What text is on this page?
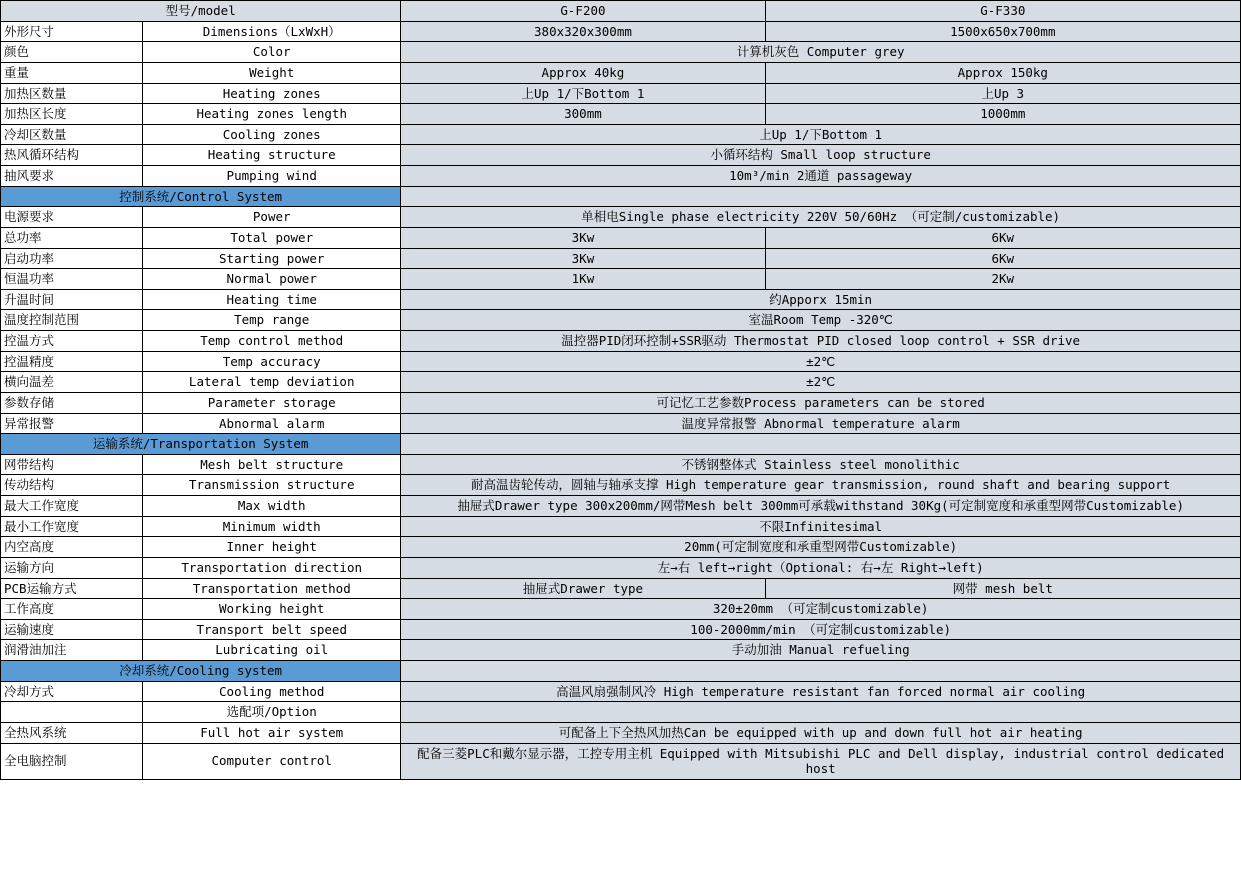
型号/model		G-F200	G-F330
外形尺寸	Dimensions（LxWxH）	380x320x300mm	1500x650x700mm
颜色	Color	计算机灰色 Computer grey	
重量	Weight	Approx 40kg	Approx 150kg
加热区数量	Heating zones	上Up 1/下Bottom 1	上Up 3
加热区长度	Heating zones length	300mm	1000mm
冷却区数量	Cooling zones	上Up 1/下Bottom 1	
热风循环结构	Heating structure	小循环结构 Small loop structure	
抽风要求	Pumping wind	10m³/min 2通道 passageway	
控制系统/Control System			
电源要求	Power	单相电Single phase electricity 220V 50/60Hz （可定制/customizable)	
总功率	Total power	3Kw	6Kw
启动功率	Starting power	3Kw	6Kw
恒温功率	Normal power	1Kw	2Kw
升温时间	Heating time	约Apporx 15min	
温度控制范围	Temp range	室温Room Temp -320℃	
控温方式	Temp control method	温控器PID闭环控制+SSR驱动 Thermostat PID closed loop control + SSR drive	
控温精度	Temp accuracy	±2℃	
横向温差	Lateral temp deviation	±2℃	
参数存储	Parameter storage	可记忆工艺参数Process parameters can be stored	
异常报警	Abnormal alarm	温度异常报警 Abnormal temperature alarm	
运输系统/Transportation System			
网带结构	Mesh belt structure	不锈钢整体式 Stainless steel monolithic	
传动结构	Transmission structure	耐高温齿轮传动，圆轴与轴承支撑 High temperature gear transmission, round shaft and bearing support	
最大工作宽度	Max width	抽屉式Drawer type 300x200mm/网带Mesh belt 300mm可承载withstand 30Kg(可定制宽度和承重型网带Customizable)	
最小工作宽度	Minimum width	不限Infinitesimal	
内空高度	Inner height	20mm(可定制宽度和承重型网带Customizable)	
运输方向	Transportation direction	左→右 left→right（Optional: 右→左 Right→left)	
PCB运输方式	Transportation method	抽屉式Drawer type	网带 mesh belt
工作高度	Working height	320±20mm （可定制customizable)	
运输速度	Transport belt speed	100-2000mm/min （可定制customizable)	
润滑油加注	Lubricating oil	手动加油 Manual refueling	
冷却系统/Cooling system			
冷却方式	Cooling method	高温风扇强制风冷 High temperature resistant fan forced normal air cooling	
	选配项/Option		
全热风系统	Full hot air system	可配备上下全热风加热Can be equipped with up and down full hot air heating	
全电脑控制	Computer control	配备三菱PLC和戴尔显示器，工控专用主机 Equipped with Mitsubishi PLC and Dell display, industrial control dedicated host	
